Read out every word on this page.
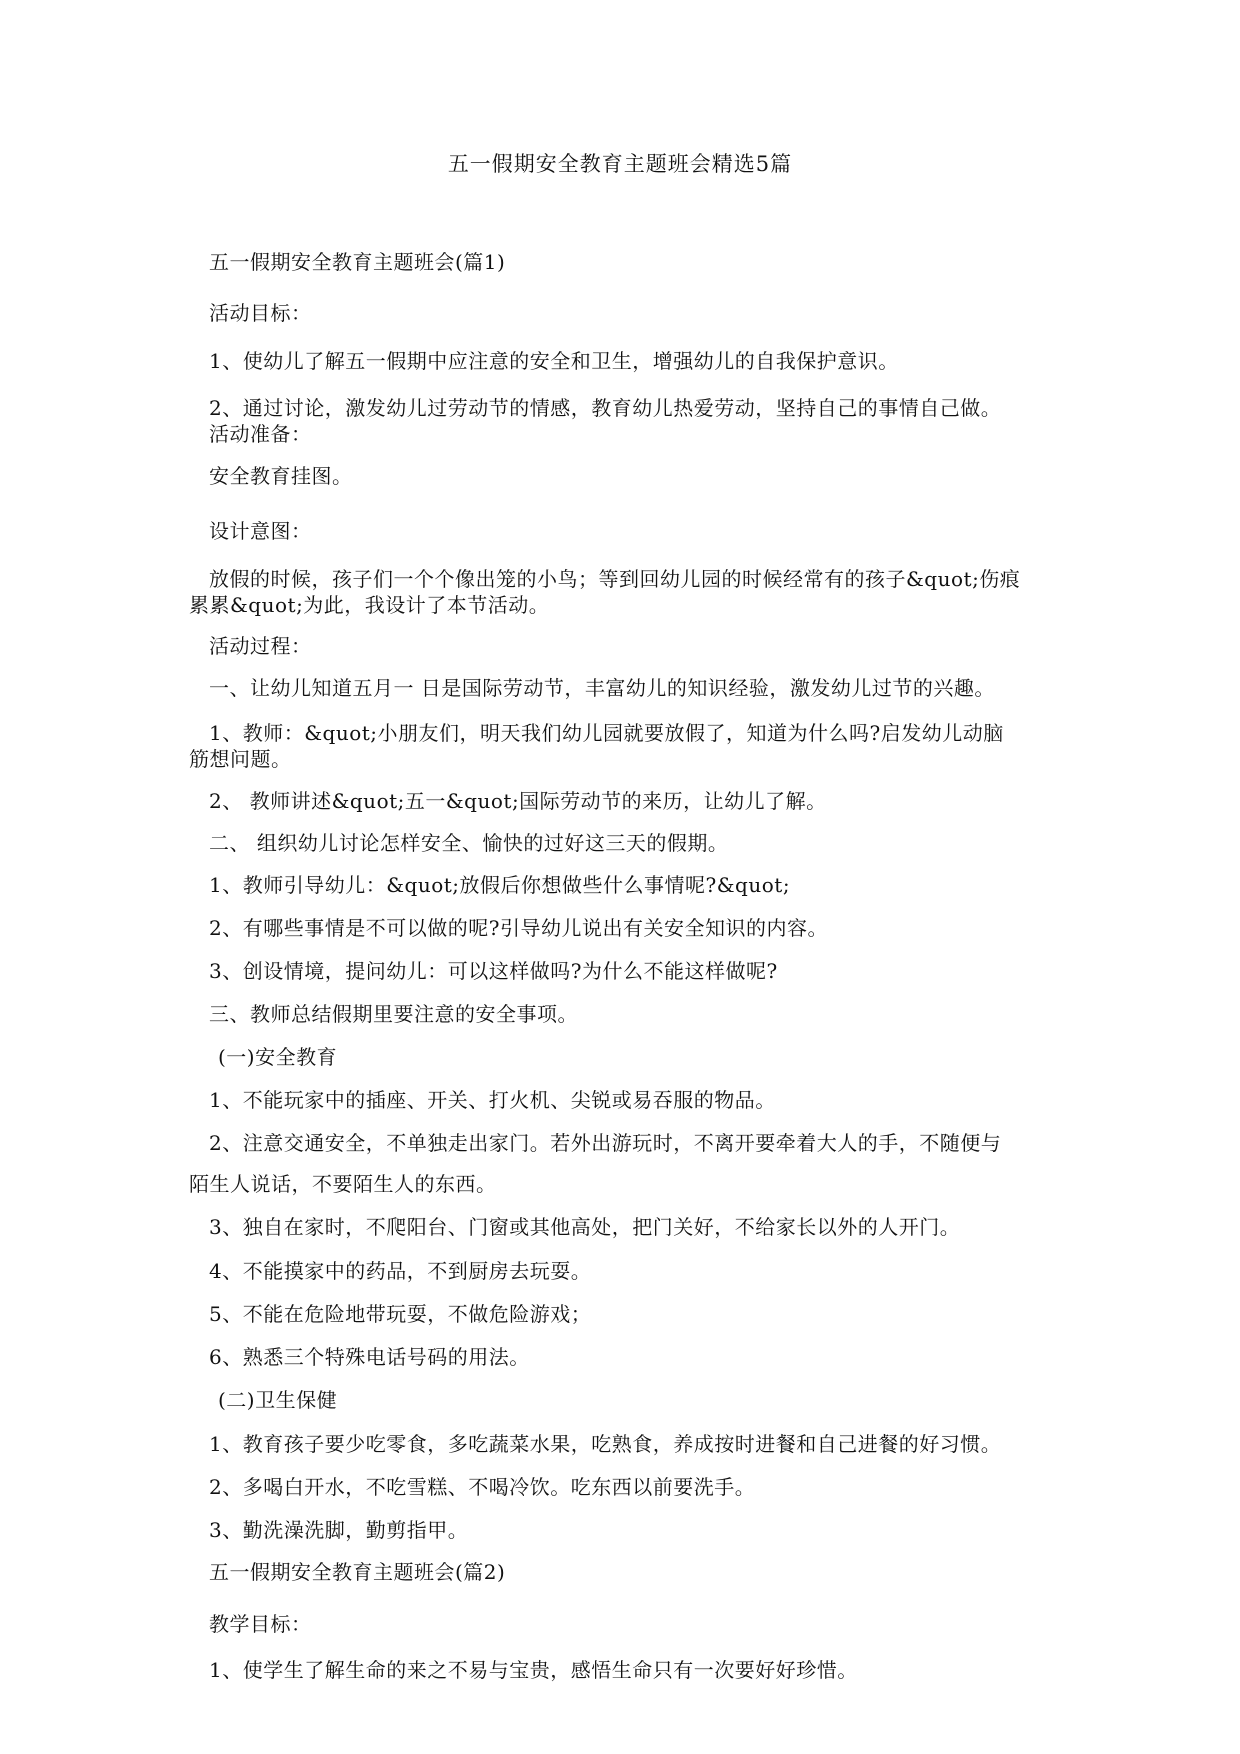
五一假期安全教育主题班会精选5篇
五一假期安全教育主题班会(篇1)
活动目标：
1、使幼儿了解五一假期中应注意的安全和卫生，增强幼儿的自我保护意识。
2、通过讨论，激发幼儿过劳动节的情感，教育幼儿热爱劳动，坚持自己的事情自己做。
活动准备：
安全教育挂图。
设计意图：
放假的时候，孩子们一个个像出笼的小鸟；等到回幼儿园的时候经常有的孩子&quot;伤痕
累累&quot;为此，我设计了本节活动。
活动过程：
一、让幼儿知道五月一 日是国际劳动节，丰富幼儿的知识经验，激发幼儿过节的兴趣。
1、教师：&quot;小朋友们，明天我们幼儿园就要放假了，知道为什么吗?启发幼儿动脑
筋想问题。
2、 教师讲述&quot;五一&quot;国际劳动节的来历，让幼儿了解。
二、 组织幼儿讨论怎样安全、愉快的过好这三天的假期。
1、教师引导幼儿：&quot;放假后你想做些什么事情呢?&quot;
2、有哪些事情是不可以做的呢?引导幼儿说出有关安全知识的内容。
3、创设情境，提问幼儿：可以这样做吗?为什么不能这样做呢?
三、教师总结假期里要注意的安全事项。
(一)安全教育
1、不能玩家中的插座、开关、打火机、尖锐或易吞服的物品。
2、注意交通安全，不单独走出家门。若外出游玩时，不离开要牵着大人的手，不随便与
陌生人说话，不要陌生人的东西。
3、独自在家时，不爬阳台、门窗或其他高处，把门关好，不给家长以外的人开门。
4、不能摸家中的药品，不到厨房去玩耍。
5、不能在危险地带玩耍，不做危险游戏；
6、熟悉三个特殊电话号码的用法。
(二)卫生保健
1、教育孩子要少吃零食，多吃蔬菜水果，吃熟食，养成按时进餐和自己进餐的好习惯。
2、多喝白开水，不吃雪糕、不喝冷饮。吃东西以前要洗手。
3、勤洗澡洗脚，勤剪指甲。
五一假期安全教育主题班会(篇2)
教学目标：
1、使学生了解生命的来之不易与宝贵，感悟生命只有一次要好好珍惜。
